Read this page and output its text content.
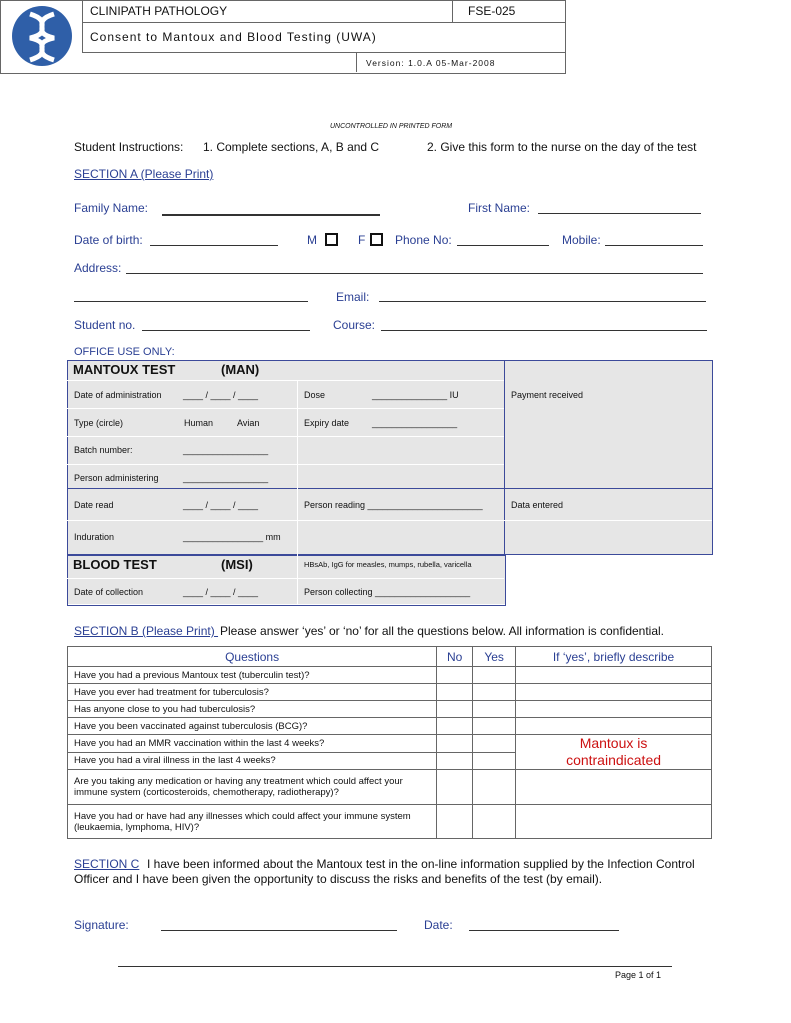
CLINIPATH PATHOLOGY	FSE-025
Consent to Mantoux and Blood Testing (UWA)
Version: 1.0.A 05-Mar-2008
UNCONTROLLED IN PRINTED FORM
Student Instructions: 1. Complete sections, A, B and C	2. Give this form to the nurse on the day of the test
SECTION A (Please Print)
Family Name:	First Name:
Date of birth:	M	F Phone No:	Mobile:
Address:
Email:
Student no.	Course:
OFFICE USE ONLY:
MANTOUX TEST	(MAN)
Date of administration ____ / ____ / ____	Dose	_______________ IU	Payment received
Type (circle)	Human	Avian	Expiry date	_________________
Batch number:	_________________
Person administering	_________________
Date read	____ / ____ / ____	Person reading _______________________	Data entered
Induration	________________ mm
BLOOD TEST	(MSI)	HBsAb, IgG for measles, mumps, rubella, varicella
Date of collection	____ / ____ / ____	Person collecting ___________________
SECTION B (Please Print) Please answer ‘yes’ or ‘no’ for all the questions below. All information is confidential.
Questions	No	Yes	If ‘yes’, briefly describe
Have you had a previous Mantoux test (tuberculin test)?			
Have you ever had treatment for tuberculosis?			
Has anyone close to you had tuberculosis?			
Have you been vaccinated against tuberculosis (BCG)?			
Have you had an MMR vaccination within the last 4 weeks?			Mantoux is contraindicated
Have you had a viral illness in the last 4 weeks?			
Are you taking any medication or having any treatment which could affect your immune system (corticosteroids, chemotherapy, radiotherapy)?			
Have you had or have had any illnesses which could affect your immune system (leukaemia, lymphoma, HIV)?			
SECTION C I have been informed about the Mantoux test in the on-line information supplied by the Infection Control
Officer and I have been given the opportunity to discuss the risks and benefits of the test (by email).
Signature:	Date:
Page 1 of 1
